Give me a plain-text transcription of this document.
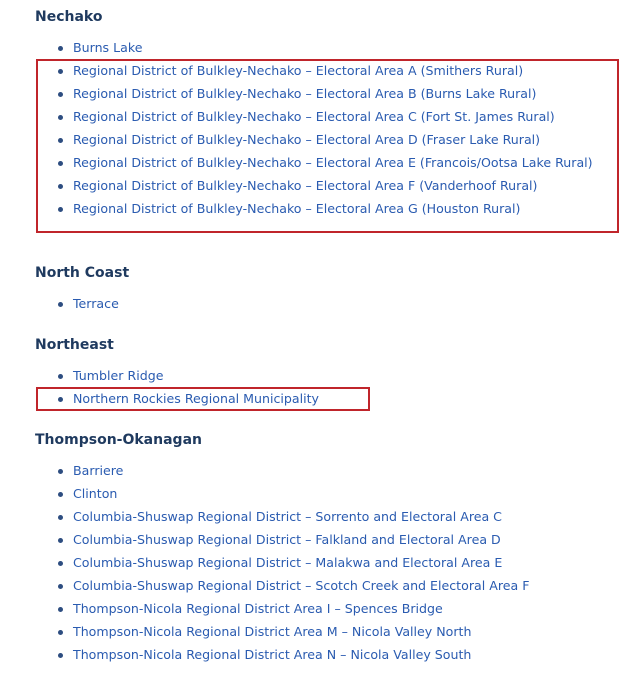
Nechako
Burns Lake
Regional District of Bulkley-Nechako – Electoral Area A (Smithers Rural)
Regional District of Bulkley-Nechako – Electoral Area B (Burns Lake Rural)
Regional District of Bulkley-Nechako – Electoral Area C (Fort St. James Rural)
Regional District of Bulkley-Nechako – Electoral Area D (Fraser Lake Rural)
Regional District of Bulkley-Nechako – Electoral Area E (Francois/Ootsa Lake Rural)
Regional District of Bulkley-Nechako – Electoral Area F (Vanderhoof Rural)
Regional District of Bulkley-Nechako – Electoral Area G (Houston Rural)
North Coast
Terrace
Northeast
Tumbler Ridge
Northern Rockies Regional Municipality
Thompson-Okanagan
Barriere
Clinton
Columbia-Shuswap Regional District – Sorrento and Electoral Area C
Columbia-Shuswap Regional District – Falkland and Electoral Area D
Columbia-Shuswap Regional District – Malakwa and Electoral Area E
Columbia-Shuswap Regional District – Scotch Creek and Electoral Area F
Thompson-Nicola Regional District Area I – Spences Bridge
Thompson-Nicola Regional District Area M – Nicola Valley North
Thompson-Nicola Regional District Area N – Nicola Valley South
